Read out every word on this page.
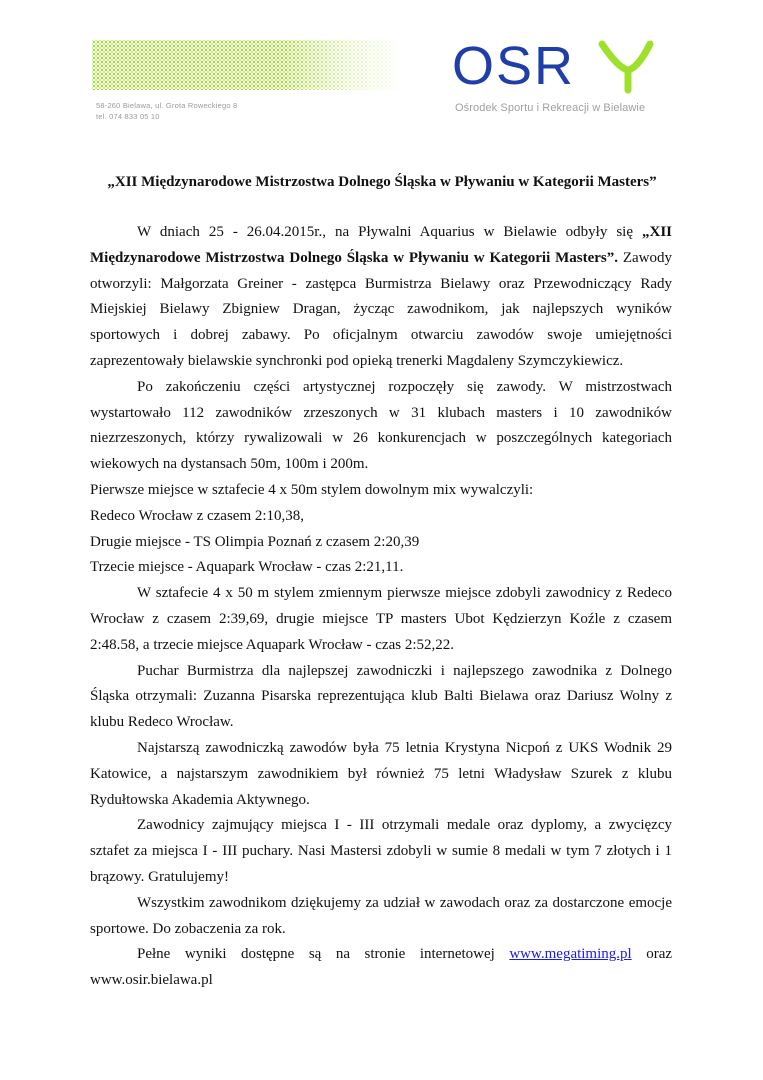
58-260 Bielawa, ul. Grota Roweckiego 8
tel. 074 833 05 10
OSR
Ośrodek Sportu i Rekreacji w Bielawie
„XII Międzynarodowe Mistrzostwa Dolnego Śląska w Pływaniu w Kategorii Masters”

W dniach 25 - 26.04.2015r., na Pływalni Aquarius w Bielawie odbyły się „XII Międzynarodowe Mistrzostwa Dolnego Śląska w Pływaniu w Kategorii Masters”. Zawody otworzyli: Małgorzata Greiner - zastępca Burmistrza Bielawy oraz Przewodniczący Rady Miejskiej Bielawy Zbigniew Dragan, życząc zawodnikom, jak najlepszych wyników sportowych i dobrej zabawy. Po oficjalnym otwarciu zawodów swoje umiejętności zaprezentowały bielawskie synchronki pod opieką trenerki Magdaleny Szymczykiewicz.

Po zakończeniu części artystycznej rozpoczęły się zawody. W mistrzostwach wystartowało 112 zawodników zrzeszonych w 31 klubach masters i 10 zawodników niezrzeszonych, którzy rywalizowali w 26 konkurencjach w poszczególnych kategoriach wiekowych na dystansach 50m, 100m i 200m.

Pierwsze miejsce w sztafecie 4 x 50m stylem dowolnym mix wywalczyli:

Redeco Wrocław z czasem 2:10,38,

Drugie miejsce - TS Olimpia Poznań z czasem 2:20,39

Trzecie miejsce - Aquapark Wrocław - czas 2:21,11.

W sztafecie 4 x 50 m stylem zmiennym pierwsze miejsce zdobyli zawodnicy z Redeco Wrocław z czasem 2:39,69, drugie miejsce TP masters Ubot Kędzierzyn Koźle z czasem 2:48.58, a trzecie miejsce Aquapark Wrocław - czas 2:52,22.

Puchar Burmistrza dla najlepszej zawodniczki i najlepszego zawodnika z Dolnego Śląska otrzymali: Zuzanna Pisarska reprezentująca klub Balti Bielawa oraz Dariusz Wolny z klubu Redeco Wrocław.

Najstarszą zawodniczką zawodów była 75 letnia Krystyna Nicpoń z UKS Wodnik 29 Katowice, a najstarszym zawodnikiem był również 75 letni Władysław Szurek z klubu Rydułtowska Akademia Aktywnego.

Zawodnicy zajmujący miejsca I - III otrzymali medale oraz dyplomy, a zwycięzcy sztafet za miejsca I - III puchary. Nasi Mastersi zdobyli w sumie 8 medali w tym 7 złotych i 1 brązowy. Gratulujemy!

Wszystkim zawodnikom dziękujemy za udział w zawodach oraz za dostarczone emocje sportowe. Do zobaczenia za rok.

Pełne wyniki dostępne są na stronie internetowej www.megatiming.pl oraz www.osir.bielawa.pl
